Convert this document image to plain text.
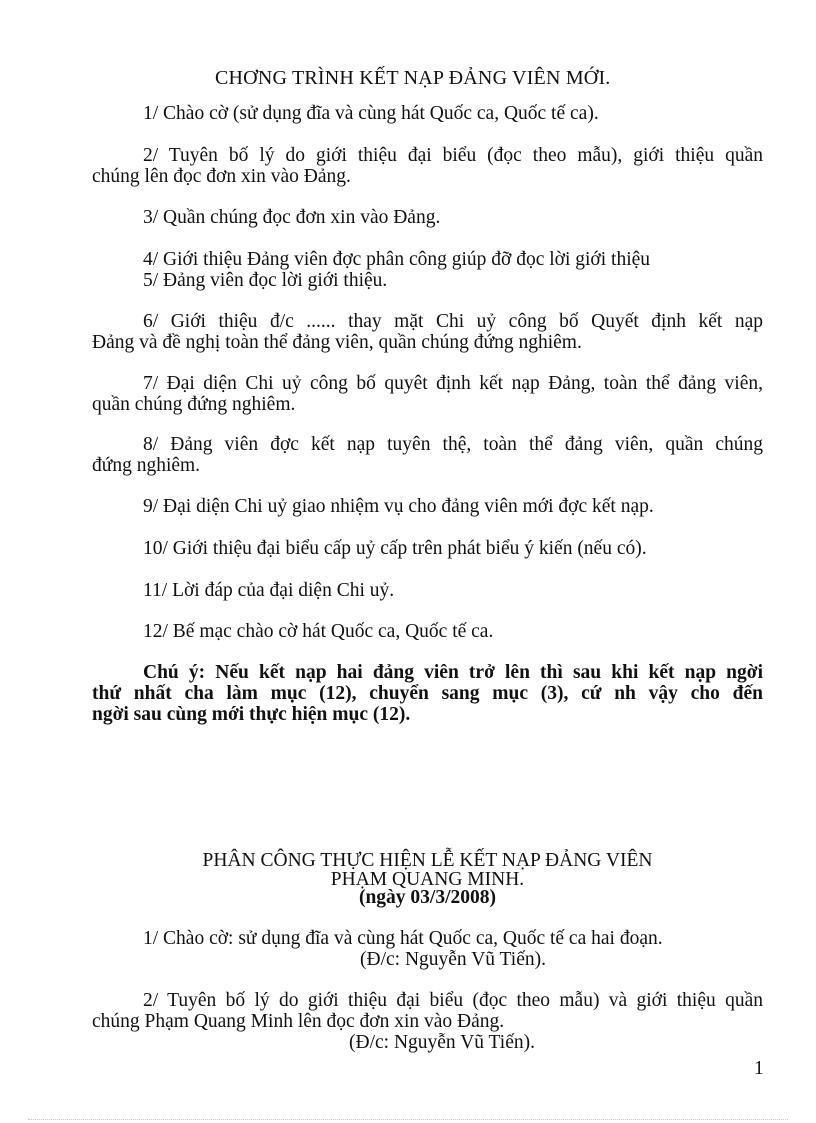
CHƠNG TRÌNH KẾT NẠP ĐẢNG VIÊN MỚI.

1/ Chào cờ (sử dụng đĩa và cùng hát Quốc ca, Quốc tế ca).

2/ Tuyên bố lý do giới thiệu đại biểu (đọc theo mẫu), giới thiệu quần

chúng lên đọc đơn xin vào Đảng.

3/ Quần chúng đọc đơn xin vào Đảng.

4/ Giới thiệu Đảng viên đợc phân công giúp đỡ đọc lời giới thiệu

5/ Đảng viên đọc lời giới thiệu.

6/ Giới thiệu đ/c ...... thay mặt Chi uỷ công bố Quyết định kết nạp

Đảng và đề nghị toàn thể đảng viên, quần chúng đứng nghiêm.

7/ Đại diện Chi uỷ công bố quyêt định kết nạp Đảng, toàn thể đảng viên,

quần chúng đứng nghiêm.

8/ Đảng viên đợc kết nạp tuyên thệ, toàn thể đảng viên, quần chúng

đứng nghiêm.

9/ Đại diện Chi uỷ giao nhiệm vụ cho đảng viên mới đợc kết nạp.

10/ Giới thiệu đại biểu cấp uỷ cấp trên phát biểu ý kiến (nếu có).

11/ Lời đáp của đại diện Chi uỷ.

12/ Bế mạc chào cờ hát Quốc ca, Quốc tế ca.

Chú ý: Nếu kết nạp hai đảng viên trở lên thì sau khi kết nạp ngời

thứ nhất cha làm mục (12), chuyển sang mục (3), cứ nh vậy cho đến

ngời sau cùng mới thực hiện mục (12).

PHÂN CÔNG THỰC HIỆN LỄ KẾT NẠP ĐẢNG VIÊN

PHẠM QUANG MINH.

(ngày 03/3/2008)

1/ Chào cờ: sử dụng đĩa và cùng hát Quốc ca, Quốc tế ca hai đoạn.

(Đ/c: Nguyễn Vũ Tiến).

2/ Tuyên bố lý do giới thiệu đại biểu (đọc theo mẫu) và giới thiệu quần

chúng Phạm Quang Minh lên đọc đơn xin vào Đảng.

(Đ/c: Nguyễn Vũ Tiến).

1
